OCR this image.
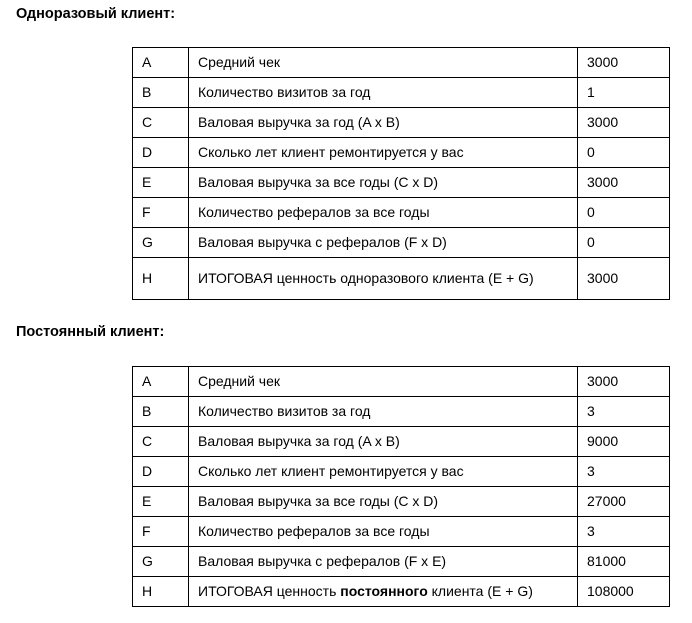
Одноразовый клиент:
A	Средний чек	3000
B	Количество визитов за год	1
C	Валовая выручка за год (A x B)	3000
D	Сколько лет клиент ремонтируется у вас	0
E	Валовая выручка за все годы (C x D)	3000
F	Количество рефералов за все годы	0
G	Валовая выручка с рефералов (F x D)	0
H	ИТОГОВАЯ ценность одноразового клиента (E + G)	3000
Постоянный клиент:
A	Средний чек	3000
B	Количество визитов за год	3
C	Валовая выручка за год (A x B)	9000
D	Сколько лет клиент ремонтируется у вас	3
E	Валовая выручка за все годы (C x D)	27000
F	Количество рефералов за все годы	3
G	Валовая выручка с рефералов (F x E)	81000
H	ИТОГОВАЯ ценность постоянного клиента (E + G)	108000
